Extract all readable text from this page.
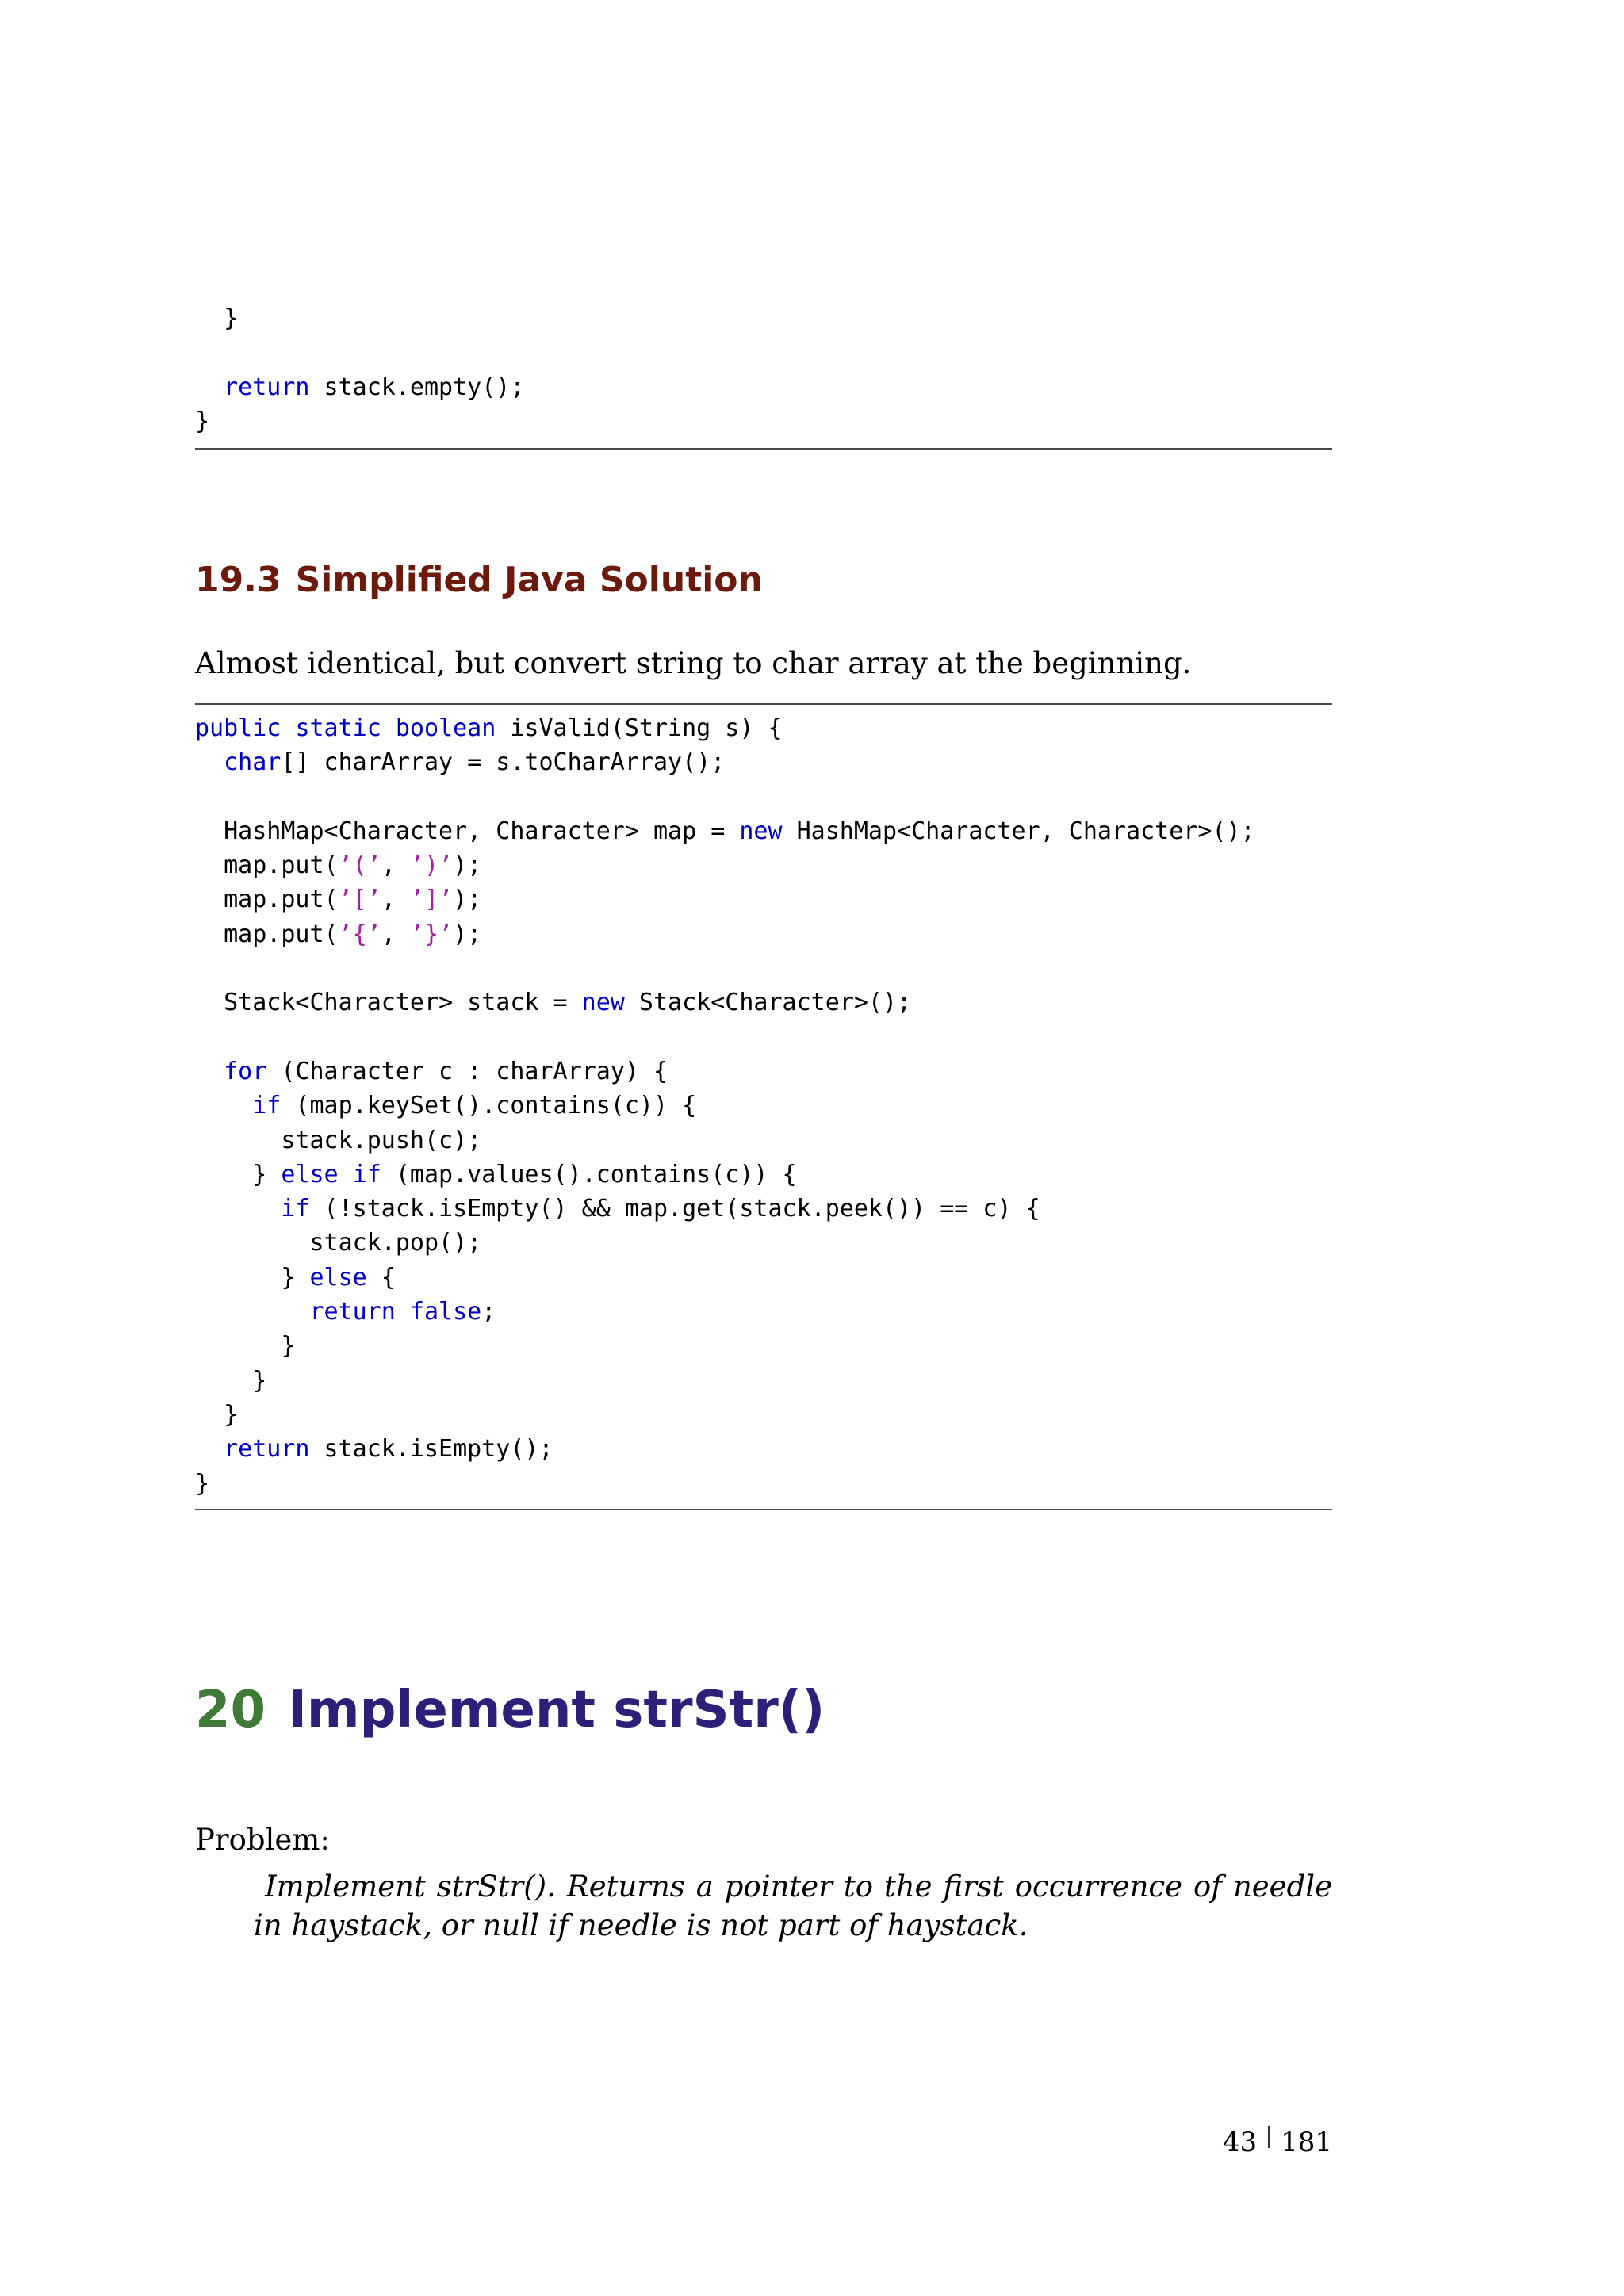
}

return stack.empty();
}
19.3 Simplified Java Solution

Almost identical, but convert string to char array at the beginning.

public static boolean isValid(String s) {
char[] charArray = s.toCharArray();

HashMap<Character, Character> map = new HashMap<Character, Character>();
map.put(’(’, ’)’);
map.put(’[’, ’]’);
map.put(’{’, ’}’);

Stack<Character> stack = new Stack<Character>();

for (Character c : charArray) {
if (map.keySet().contains(c)) {
stack.push(c);
} else if (map.values().contains(c)) {
if (!stack.isEmpty() && map.get(stack.peek()) == c) {
stack.pop();
} else {
return false;
}
}
}
return stack.isEmpty();
}
20 Implement strStr()

Problem:

Implement strStr(). Returns a pointer to the first occurrence of needle in haystack, or null if needle is not part of haystack.

43 181
